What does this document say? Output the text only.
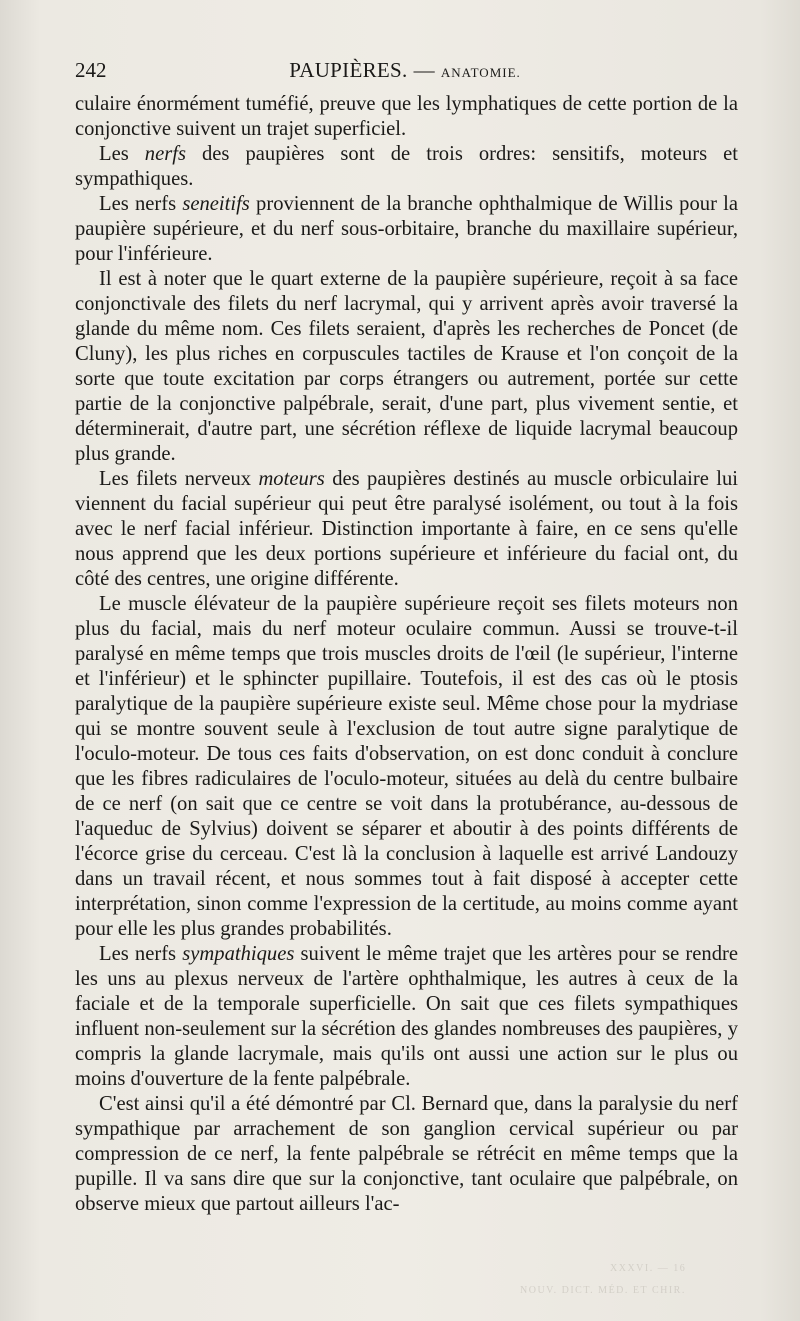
242	PAUPIÈRES. — ANATOMIE.

culaire énormément tuméfié, preuve que les lymphatiques de cette portion de la conjonctive suivent un trajet superficiel.

Les nerfs des paupières sont de trois ordres: sensitifs, moteurs et sympathiques.

Les nerfs seneitifs proviennent de la branche ophthalmique de Willis pour la paupière supérieure, et du nerf sous-orbitaire, branche du maxillaire supérieur, pour l'inférieure.

Il est à noter que le quart externe de la paupière supérieure, reçoit à sa face conjonctivale des filets du nerf lacrymal, qui y arrivent après avoir traversé la glande du même nom. Ces filets seraient, d'après les recherches de Poncet (de Cluny), les plus riches en corpuscules tactiles de Krause et l'on conçoit de la sorte que toute excitation par corps étrangers ou autrement, portée sur cette partie de la conjonctive palpébrale, serait, d'une part, plus vivement sentie, et déterminerait, d'autre part, une sécrétion réflexe de liquide lacrymal beaucoup plus grande.

Les filets nerveux moteurs des paupières destinés au muscle orbiculaire lui viennent du facial supérieur qui peut être paralysé isolément, ou tout à la fois avec le nerf facial inférieur. Distinction importante à faire, en ce sens qu'elle nous apprend que les deux portions supérieure et inférieure du facial ont, du côté des centres, une origine différente.

Le muscle élévateur de la paupière supérieure reçoit ses filets moteurs non plus du facial, mais du nerf moteur oculaire commun. Aussi se trouve-t-il paralysé en même temps que trois muscles droits de l'œil (le supérieur, l'interne et l'inférieur) et le sphincter pupillaire. Toutefois, il est des cas où le ptosis paralytique de la paupière supérieure existe seul. Même chose pour la mydriase qui se montre souvent seule à l'exclusion de tout autre signe paralytique de l'oculo-moteur. De tous ces faits d'observation, on est donc conduit à conclure que les fibres radiculaires de l'oculo-moteur, situées au delà du centre bulbaire de ce nerf (on sait que ce centre se voit dans la protubérance, au-dessous de l'aqueduc de Sylvius) doivent se séparer et aboutir à des points différents de l'écorce grise du cerceau. C'est là la conclusion à laquelle est arrivé Landouzy dans un travail récent, et nous sommes tout à fait disposé à accepter cette interprétation, sinon comme l'expression de la certitude, au moins comme ayant pour elle les plus grandes probabilités.

Les nerfs sympathiques suivent le même trajet que les artères pour se rendre les uns au plexus nerveux de l'artère ophthalmique, les autres à ceux de la faciale et de la temporale superficielle. On sait que ces filets sympathiques influent non-seulement sur la sécrétion des glandes nombreuses des paupières, y compris la glande lacrymale, mais qu'ils ont aussi une action sur le plus ou moins d'ouverture de la fente palpébrale.

C'est ainsi qu'il a été démontré par Cl. Bernard que, dans la paralysie du nerf sympathique par arrachement de son ganglion cervical supérieur ou par compression de ce nerf, la fente palpébrale se rétrécit en même temps que la pupille. Il va sans dire que sur la conjonctive, tant oculaire que palpébrale, on observe mieux que partout ailleurs l'ac-

XXXVI. — 16
NOUV. DICT. MÉD. ET CHIR.
